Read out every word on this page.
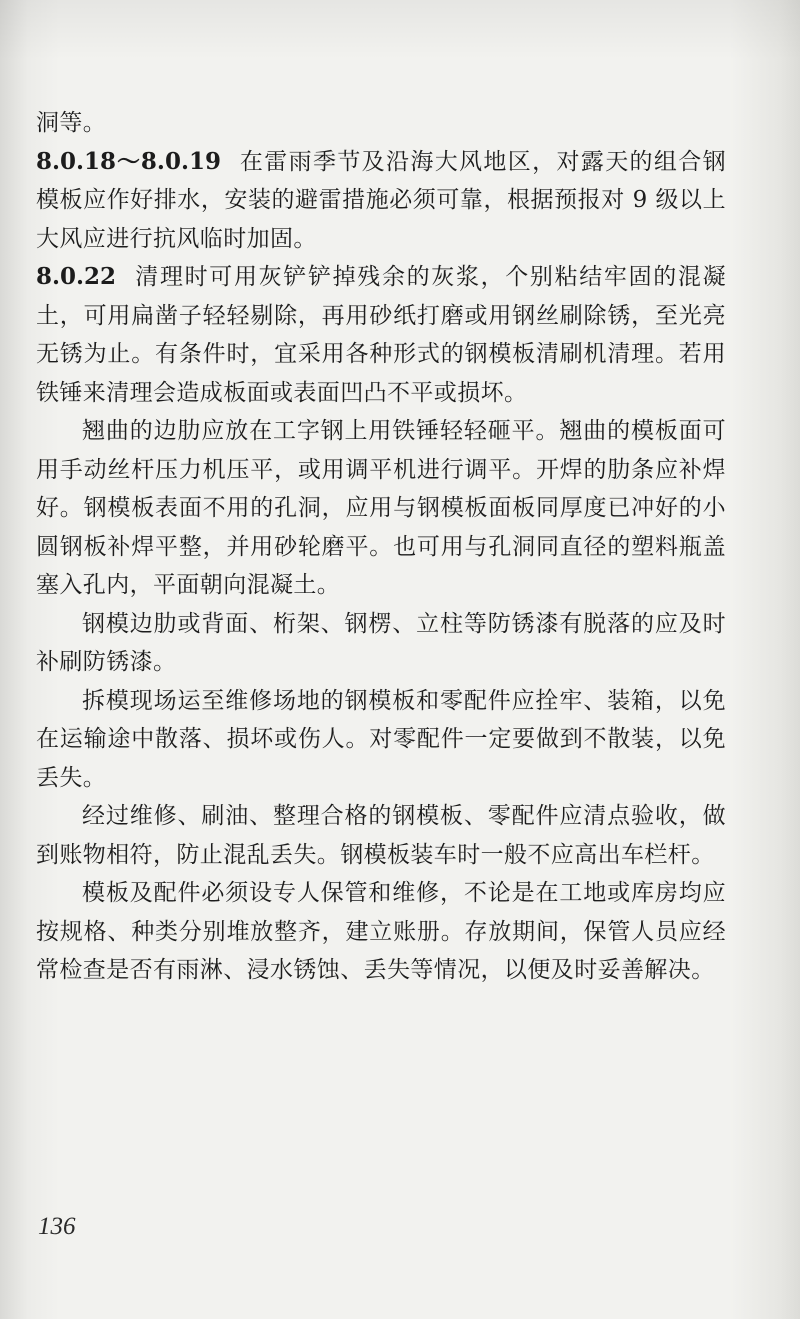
洞等。

8.0.18～8.0.19 在雷雨季节及沿海大风地区，对露天的组合钢模板应作好排水，安装的避雷措施必须可靠，根据预报对 9 级以上大风应进行抗风临时加固。

8.0.22 清理时可用灰铲铲掉残余的灰浆，个别粘结牢固的混凝土，可用扁凿子轻轻剔除，再用砂纸打磨或用钢丝刷除锈，至光亮无锈为止。有条件时，宜采用各种形式的钢模板清刷机清理。若用铁锤来清理会造成板面或表面凹凸不平或损坏。

翘曲的边肋应放在工字钢上用铁锤轻轻砸平。翘曲的模板面可用手动丝杆压力机压平，或用调平机进行调平。开焊的肋条应补焊好。钢模板表面不用的孔洞，应用与钢模板面板同厚度已冲好的小圆钢板补焊平整，并用砂轮磨平。也可用与孔洞同直径的塑料瓶盖塞入孔内，平面朝向混凝土。

钢模边肋或背面、桁架、钢楞、立柱等防锈漆有脱落的应及时补刷防锈漆。

拆模现场运至维修场地的钢模板和零配件应拴牢、装箱，以免在运输途中散落、损坏或伤人。对零配件一定要做到不散装，以免丢失。

经过维修、刷油、整理合格的钢模板、零配件应清点验收，做到账物相符，防止混乱丢失。钢模板装车时一般不应高出车栏杆。

模板及配件必须设专人保管和维修，不论是在工地或库房均应按规格、种类分别堆放整齐，建立账册。存放期间，保管人员应经常检查是否有雨淋、浸水锈蚀、丢失等情况，以便及时妥善解决。

136
